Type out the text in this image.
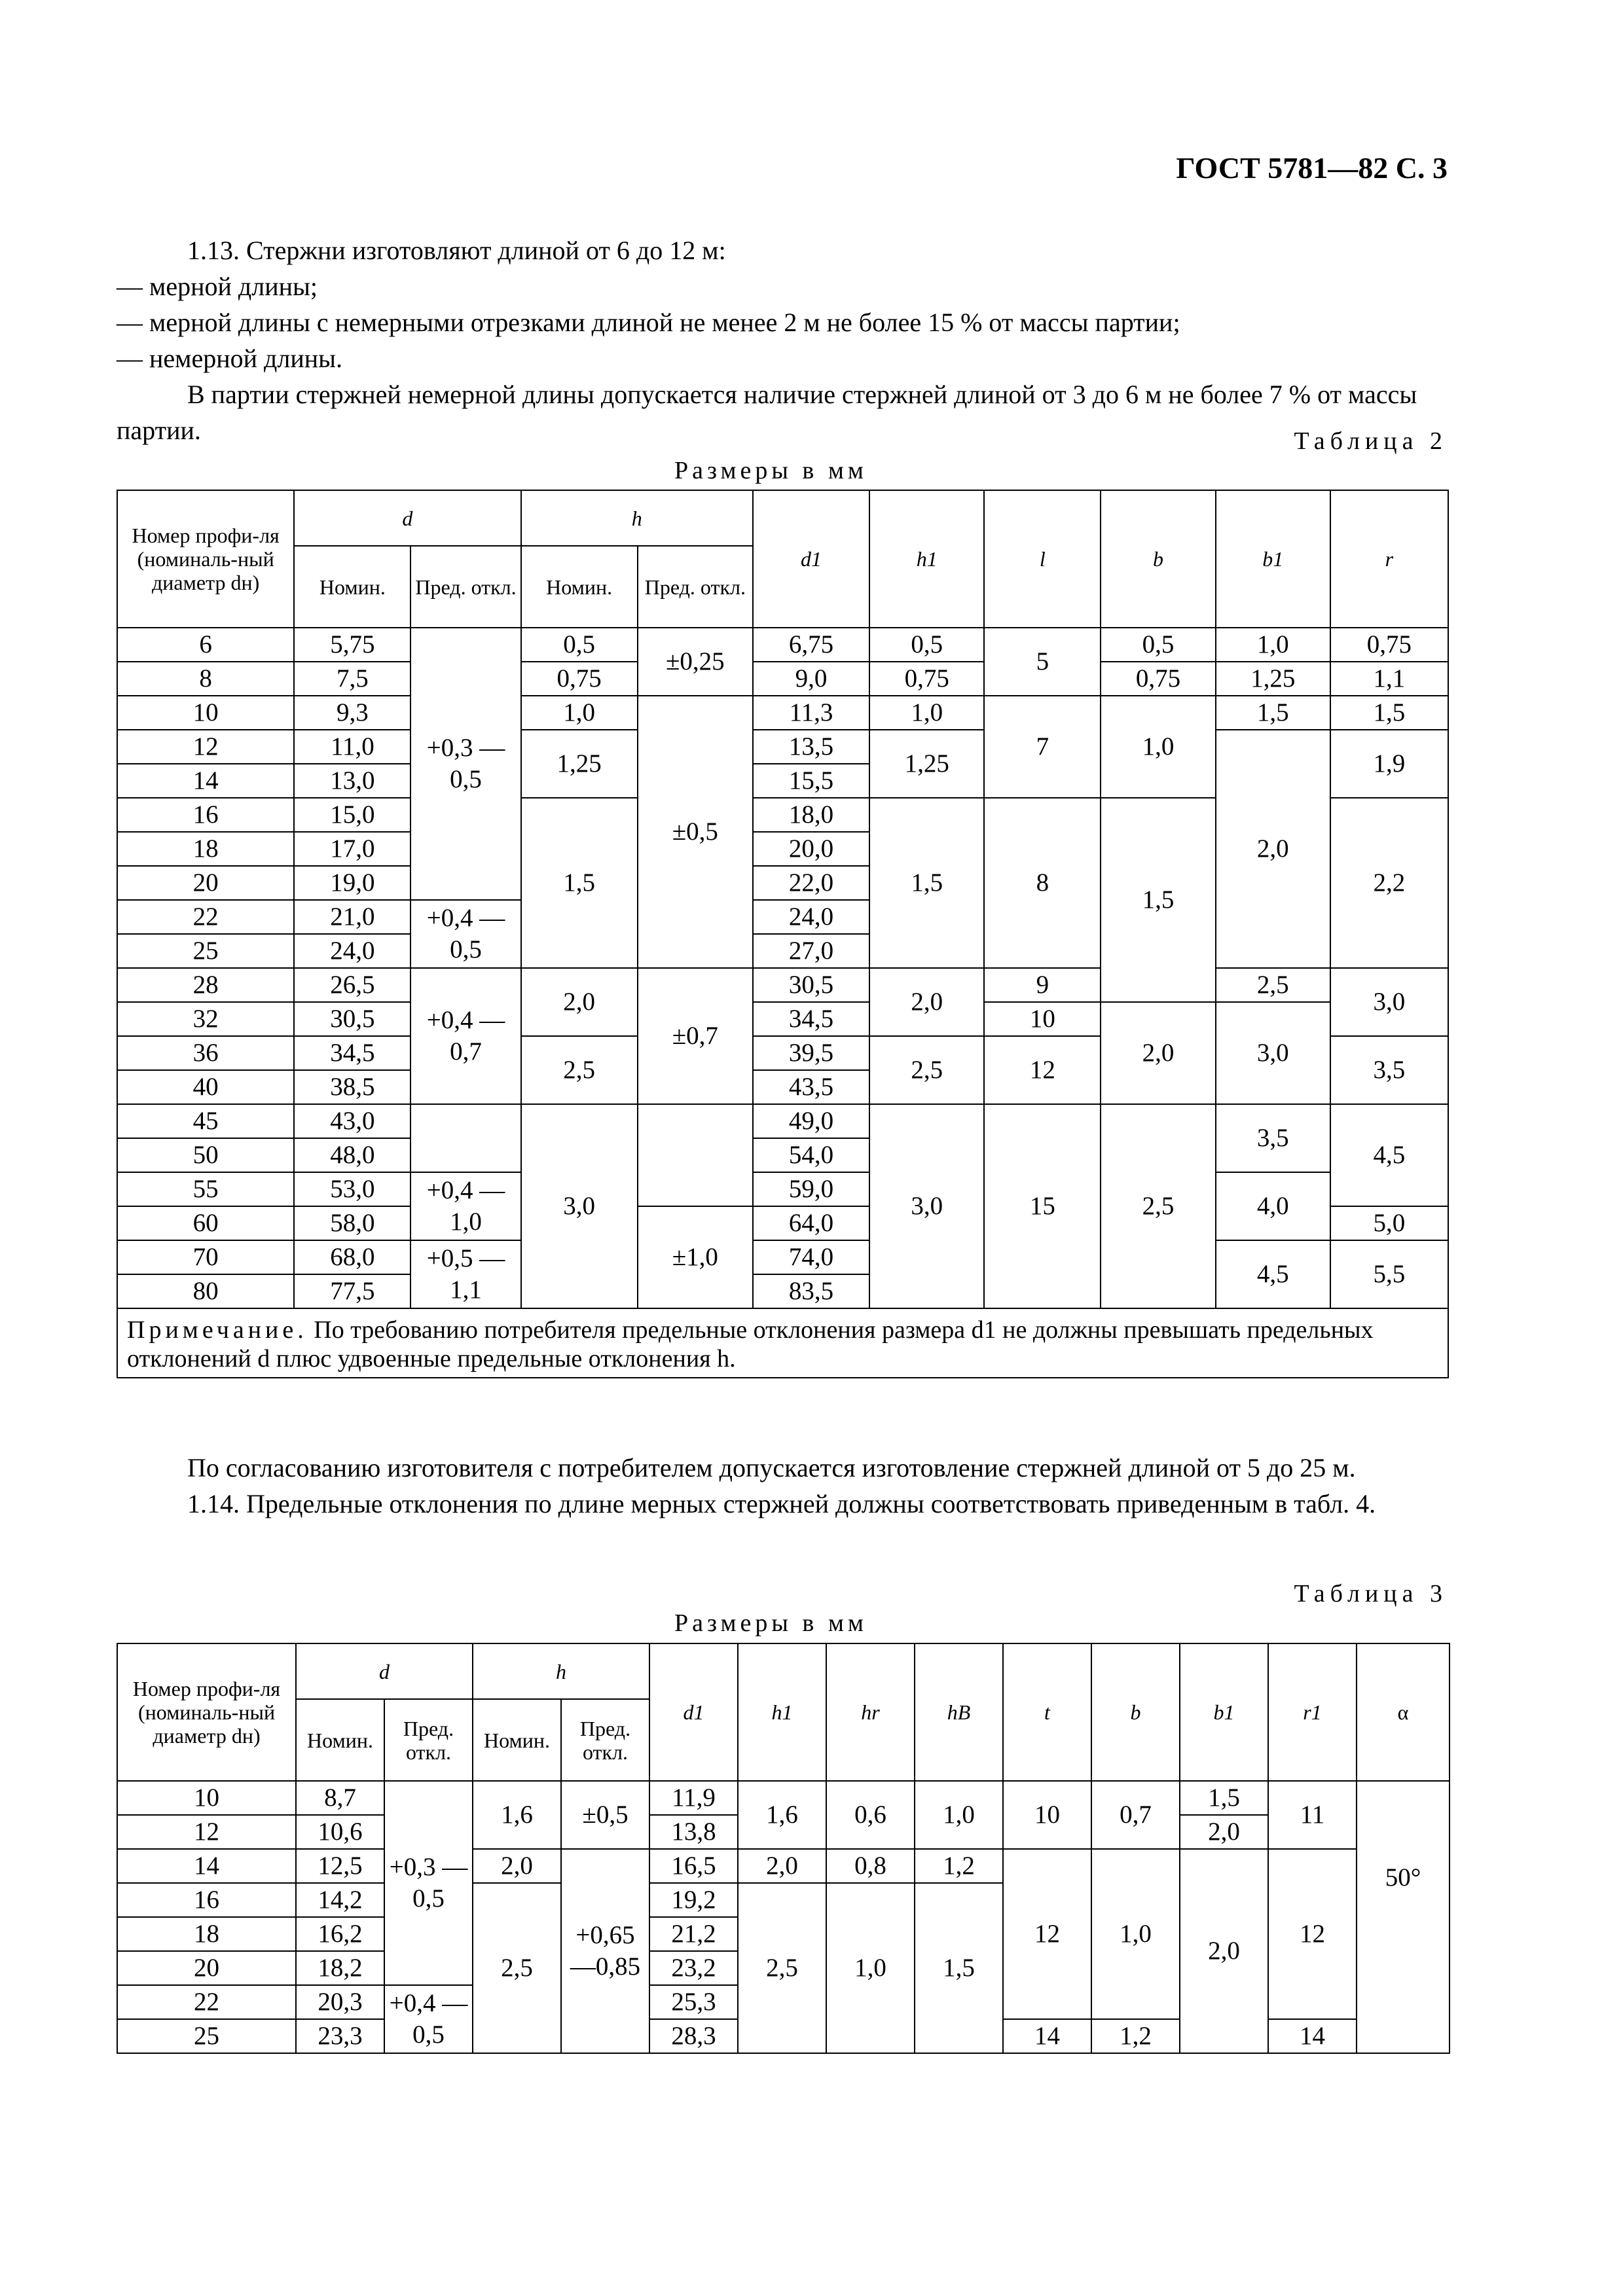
ГОСТ 5781—82 С. 3

1.13. Стержни изготовляют длиной от 6 до 12 м:

— мерной длины;

— мерной длины с немерными отрезками длиной не менее 2 м не более 15 % от массы партии;

— немерной длины.

В партии стержней немерной длины допускается наличие стержней длиной от 3 до 6 м не более 7 % от массы партии.	Таблица 2
Размеры в мм
Номер профи-ля (номиналь-ный диаметр dн)	d		h		d1	h1	l	b	b1	r
	Номин.	Пред. откл.	Номин.	Пред. откл.						
6	5,75	+0,3 —0,5	0,5	±0,25	6,75	0,5	5	0,5	1,0	0,75
8	7,5		0,75		9,0	0,75		0,75	1,25	1,1
10	9,3		1,0	±0,5	11,3	1,0	7	1,0	1,5	1,5
12	11,0		1,25		13,5	1,25			2,0	1,9
14	13,0				15,5					
16	15,0		1,5		18,0	1,5	8	1,5		2,2
18	17,0				20,0					
20	19,0				22,0					
22	21,0	+0,4 —0,5			24,0					
25	24,0				27,0					
28	26,5	+0,4 —0,7	2,0	±0,7	30,5	2,0	9		2,5	3,0
32	30,5				34,5		10	2,0	3,0	
36	34,5		2,5		39,5	2,5	12			3,5
40	38,5				43,5					
45	43,0		3,0		49,0	3,0	15	2,5	3,5	4,5
50	48,0				54,0					
55	53,0	+0,4 —1,0			59,0				4,0	
60	58,0			±1,0	64,0					5,0
70	68,0	+0,5 —1,1			74,0				4,5	5,5
80	77,5				83,5					
Примечание. По требованию потребителя предельные отклонения размера d1 не должны превышать предельных отклонений d плюс удвоенные предельные отклонения h.										

По согласованию изготовителя с потребителем допускается изготовление стержней длиной от 5 до 25 м.

1.14. Предельные отклонения по длине мерных стержней должны соответствовать приведенным в табл. 4.

Таблица 3
Размеры в мм
Номер профи-ля (номиналь-ный диаметр dн)	d		h		d1	h1	hr	hB	t	b	b1	r1	α
	Номин.	Пред. откл.	Номин.	Пред. откл.									
10	8,7	+0,3 —0,5	1,6	±0,5	11,9	1,6	0,6	1,0	10	0,7	1,5	11	50°
12	10,6				13,8						2,0		
14	12,5		2,0	+0,65 —0,85	16,5	2,0	0,8	1,2	12	1,0	2,0	12	
16	14,2		2,5		19,2	2,5	1,0	1,5					
18	16,2				21,2								
20	18,2				23,2								
22	20,3	+0,4 —0,5			25,3								
25	23,3				28,3				14	1,2		14	
